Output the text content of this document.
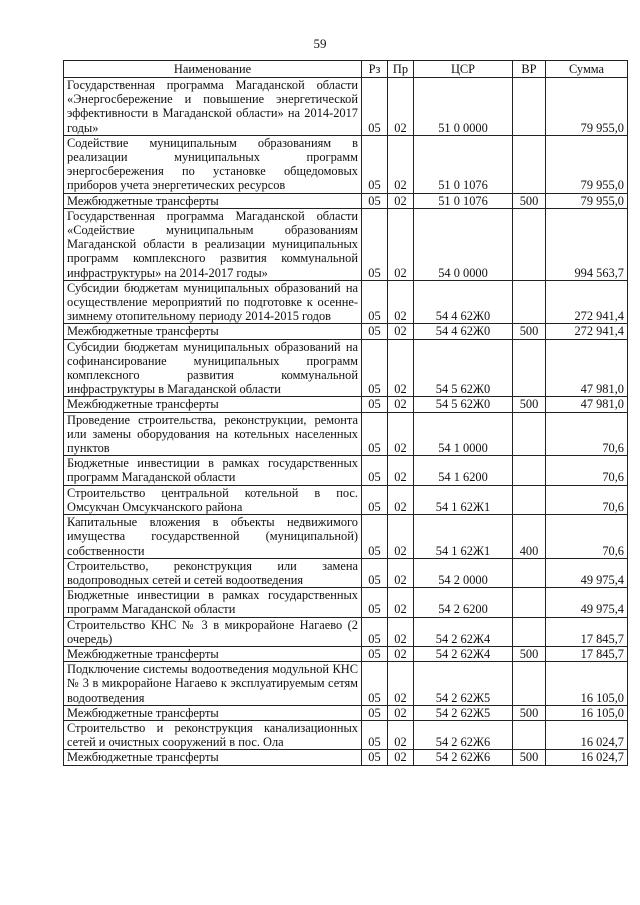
59
Наименование	Рз	Пр	ЦСР	ВР	Сумма
Государственная программа Магаданской области «Энергосбережение и повышение энергетической эффективности в Магаданской области» на 2014-2017 годы»	05	02	51 0 0000		79 955,0
Содействие муниципальным образованиям в реализации муниципальных программ энергосбережения по установке общедомовых приборов учета энергетических ресурсов	05	02	51 0 1076		79 955,0
Межбюджетные трансферты	05	02	51 0 1076	500	79 955,0
Государственная программа Магаданской области «Содействие муниципальным образованиям Магаданской области в реализации муниципальных программ комплексного развития коммунальной инфраструктуры» на 2014-2017 годы»	05	02	54 0 0000		994 563,7
Субсидии бюджетам муниципальных образований на осуществление мероприятий по подготовке к осенне-зимнему отопительному периоду 2014-2015 годов	05	02	54 4 62Ж0		272 941,4
Межбюджетные трансферты	05	02	54 4 62Ж0	500	272 941,4
Субсидии бюджетам муниципальных образований на софинансирование муниципальных программ комплексного развития коммунальной инфраструктуры в Магаданской области	05	02	54 5 62Ж0		47 981,0
Межбюджетные трансферты	05	02	54 5 62Ж0	500	47 981,0
Проведение строительства, реконструкции, ремонта или замены оборудования на котельных населенных пунктов	05	02	54 1 0000		70,6
Бюджетные инвестиции в рамках государственных программ Магаданской области	05	02	54 1 6200		70,6
Строительство центральной котельной в пос. Омсукчан Омсукчанского района	05	02	54 1 62Ж1		70,6
Капитальные вложения в объекты недвижимого имущества государственной (муниципальной) собственности	05	02	54 1 62Ж1	400	70,6
Строительство, реконструкция или замена водопроводных сетей и сетей водоотведения	05	02	54 2 0000		49 975,4
Бюджетные инвестиции в рамках государственных программ Магаданской области	05	02	54 2 6200		49 975,4
Строительство КНС № 3 в микрорайоне Нагаево (2 очередь)	05	02	54 2 62Ж4		17 845,7
Межбюджетные трансферты	05	02	54 2 62Ж4	500	17 845,7
Подключение системы водоотведения модульной КНС № 3 в микрорайоне Нагаево к эксплуатируемым сетям водоотведения	05	02	54 2 62Ж5		16 105,0
Межбюджетные трансферты	05	02	54 2 62Ж5	500	16 105,0
Строительство и реконструкция канализационных сетей и очистных сооружений в пос. Ола	05	02	54 2 62Ж6		16 024,7
Межбюджетные трансферты	05	02	54 2 62Ж6	500	16 024,7
